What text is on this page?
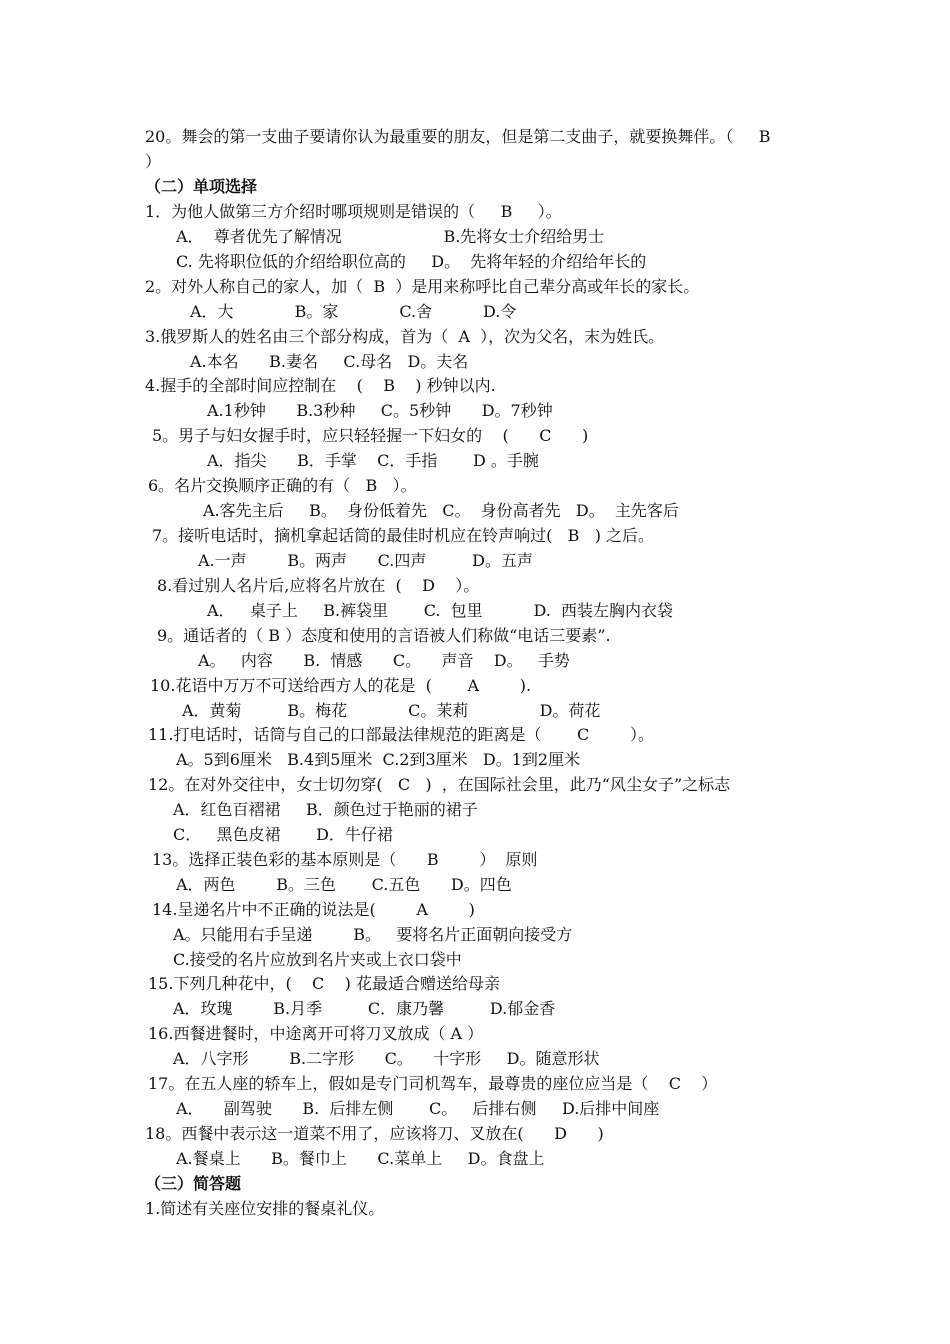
20。舞会的第一支曲子要请你认为最重要的朋友，但是第二支曲子，就要换舞伴。（     B
）
（二）单项选择
1．为他人做第三方介绍时哪项规则是错误的（     B     ）。
A．  尊者优先了解情况                    B.先将女士介绍给男士
C. 先将职位低的介绍给职位高的     D。  先将年轻的介绍给年长的
2。对外人称自己的家人，加（  B  ）是用来称呼比自己辈分高或年长的家长。
A．大            B。家            C.舍          D.令
3.俄罗斯人的姓名由三个部分构成，首为（  A  ），次为父名，末为姓氏。
A.本名      B.妻名     C.母名   D。夫名
4.握手的全部时间应控制在    (    B    ) 秒钟以内.
A.1秒钟      B.3秒种     C。5秒钟      D。7秒钟
5。男子与妇女握手时，应只轻轻握一下妇女的    (      C      )
A．指尖      B．手掌    C．手指       D 。手腕
6。名片交换顺序正确的有（   B   ）。
A.客先主后     B。  身份低着先   C。  身份高者先   D。  主先客后
7。接听电话时，摘机拿起话筒的最佳时机应在铃声响过(   B   ) 之后。
A.一声        B。两声      C.四声         D。五声
8.看过别人名片后,应将名片放在  (    D    ）。
A．   桌子上     B.裤袋里       C.  包里          D.  西装左胸内衣袋
9。通话者的（ B ）态度和使用的言语被人们称做“电话三要素”.
A。   内容      B.  情感      C。    声音    D。   手势
10.花语中万万不可送给西方人的花是  (       A        ).
A．黄菊         B。梅花            C。茉莉              D。荷花
11.打电话时，话筒与自己的口部最法律规范的距离是（       C        ）。
A。5到6厘米   B.4到5厘米  C.2到3厘米   D。1到2厘米
12。在对外交往中，女士切勿穿(   C   )  ，在国际社会里，此乃“风尘女子”之标志
A．红色百褶裙     B．颜色过于艳丽的裙子
C．   黑色皮裙       D．牛仔裙
13。选择正装色彩的基本原则是（      B        ）  原则
A．两色        B。三色       C.五色      D。四色
14.呈递名片中不正确的说法是(        A        )
A。只能用右手呈递        B。   要将名片正面朝向接受方
C.接受的名片应放到名片夹或上衣口袋中
15.下列几种花中，(    C    ) 花最适合赠送给母亲
A．玫瑰        B.月季         C．康乃馨         D.郁金香
16.西餐进餐时，中途离开可将刀叉放成（ A ）
A．八字形        B.二字形      C。    十字形     D。随意形状
17。在五人座的轿车上，假如是专门司机驾车，最尊贵的座位应当是（    C    ）
A．    副驾驶      B.  后排左侧       C。   后排右侧     D.后排中间座
18。西餐中表示这一道菜不用了，应该将刀、叉放在(      D      )
A.餐桌上      B。餐巾上      C.菜单上     D。食盘上
（三）简答题
1.简述有关座位安排的餐桌礼仪。
